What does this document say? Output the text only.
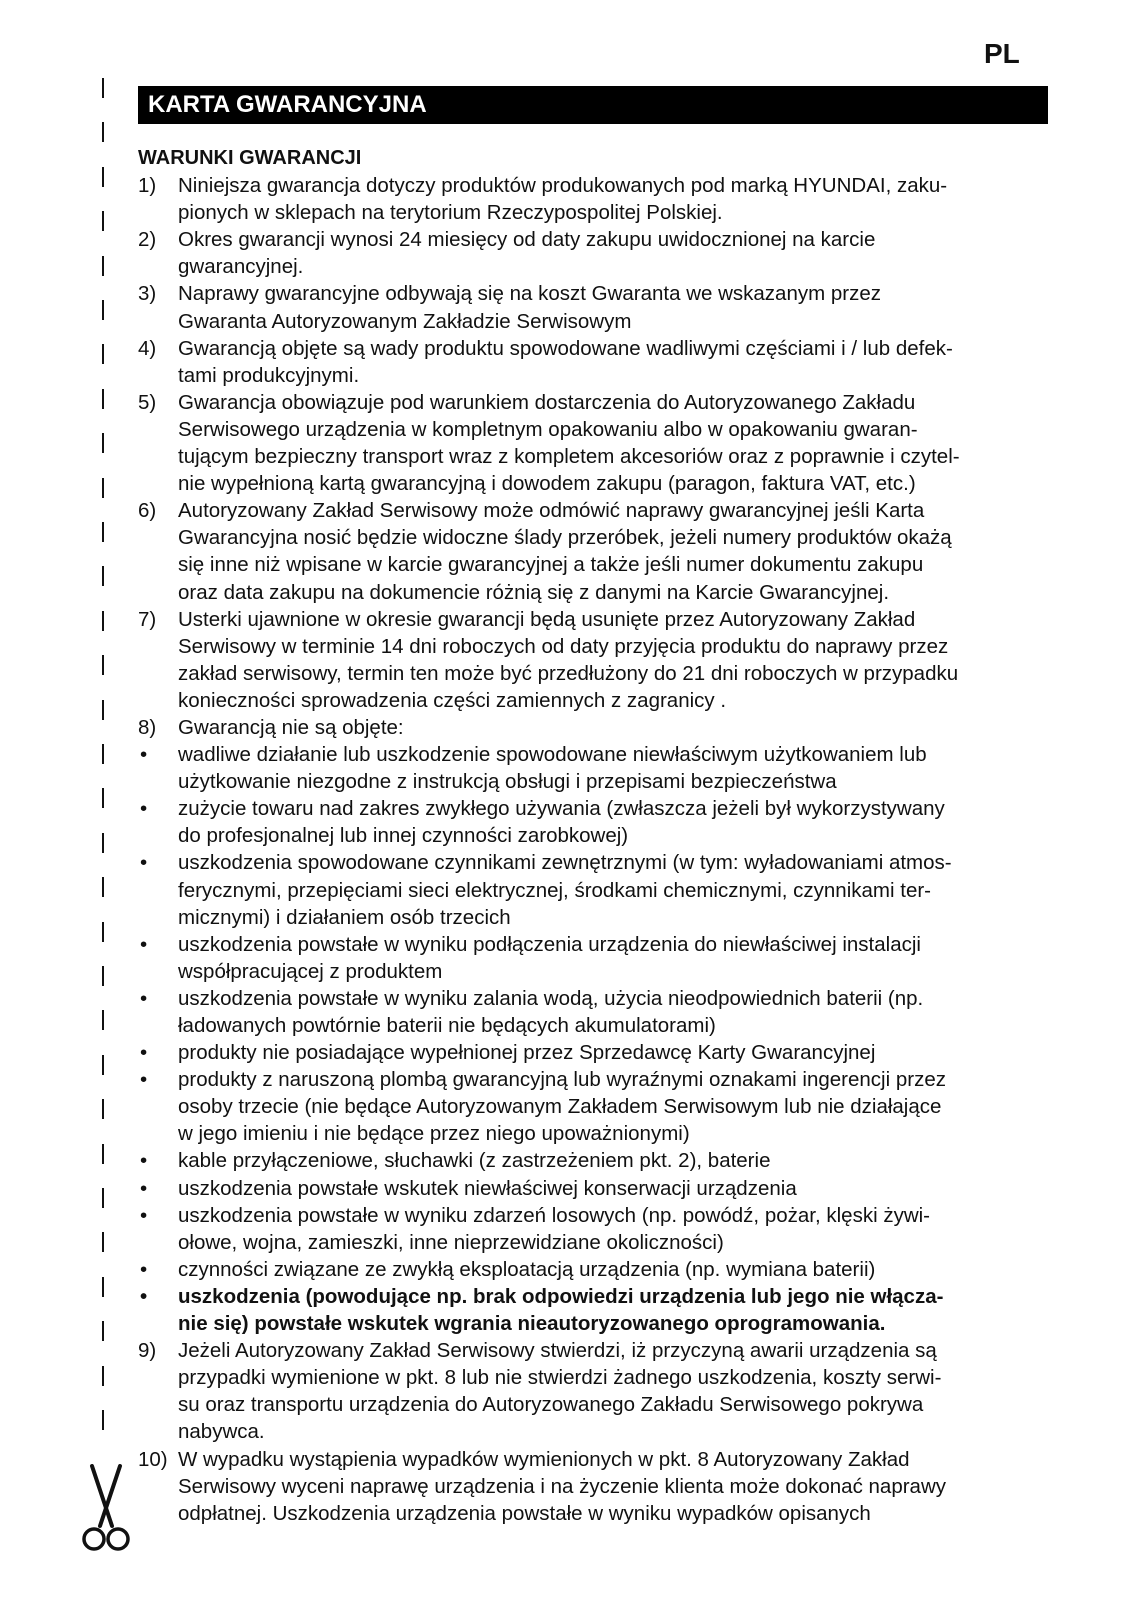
PL
KARTA GWARANCYJNA
WARUNKI GWARANCJI
1)	Niniejsza gwarancja dotyczy produktów produkowanych pod marką HYUNDAI, zaku-
pionych w sklepach na terytorium Rzeczypospolitej Polskiej.
2)	Okres gwarancji wynosi 24 miesięcy od daty zakupu uwidocznionej na karcie
gwarancyjnej.
3)	Naprawy gwarancyjne odbywają się na koszt Gwaranta we wskazanym przez
Gwaranta Autoryzowanym Zakładzie Serwisowym
4)	Gwarancją objęte są wady produktu spowodowane wadliwymi częściami i / lub defek-
tami produkcyjnymi.
5)	Gwarancja obowiązuje pod warunkiem dostarczenia do Autoryzowanego Zakładu
Serwisowego urządzenia w kompletnym opakowaniu albo w opakowaniu gwaran-
tującym bezpieczny transport wraz z kompletem akcesoriów oraz z poprawnie i czytel-
nie wypełnioną kartą gwarancyjną i dowodem zakupu (paragon, faktura VAT, etc.)
6)	Autoryzowany Zakład Serwisowy może odmówić naprawy gwarancyjnej jeśli Karta
Gwarancyjna nosić będzie widoczne ślady przeróbek, jeżeli numery produktów okażą
się inne niż wpisane w karcie gwarancyjnej a także jeśli numer dokumentu zakupu
oraz data zakupu na dokumencie różnią się z danymi na Karcie Gwarancyjnej.
7)	Usterki ujawnione w okresie gwarancji będą usunięte przez Autoryzowany Zakład
Serwisowy w terminie 14 dni roboczych od daty przyjęcia produktu do naprawy przez
zakład serwisowy, termin ten może być przedłużony do 21 dni roboczych w przypadku
konieczności sprowadzenia części zamiennych z zagranicy .
8)	Gwarancją nie są objęte:
•	wadliwe działanie lub uszkodzenie spowodowane niewłaściwym użytkowaniem lub
użytkowanie niezgodne z instrukcją obsługi i przepisami bezpieczeństwa
•	zużycie towaru nad zakres zwykłego używania (zwłaszcza jeżeli był wykorzystywany
do profesjonalnej lub innej czynności zarobkowej)
•	uszkodzenia spowodowane czynnikami zewnętrznymi (w tym: wyładowaniami atmos-
ferycznymi, przepięciami sieci elektrycznej, środkami chemicznymi, czynnikami ter-
micznymi) i działaniem osób trzecich
•	uszkodzenia powstałe w wyniku podłączenia urządzenia do niewłaściwej instalacji
współpracującej z produktem
•	uszkodzenia powstałe w wyniku zalania wodą, użycia nieodpowiednich baterii (np.
ładowanych powtórnie baterii nie będących akumulatorami)
•	produkty nie posiadające wypełnionej przez Sprzedawcę Karty Gwarancyjnej
•	produkty z naruszoną plombą gwarancyjną lub wyraźnymi oznakami ingerencji przez
osoby trzecie (nie będące Autoryzowanym Zakładem Serwisowym lub nie działające
w jego imieniu i nie będące przez niego upoważnionymi)
•	kable przyłączeniowe, słuchawki (z zastrzeżeniem pkt. 2), baterie
•	uszkodzenia powstałe wskutek niewłaściwej konserwacji urządzenia
•	uszkodzenia powstałe w wyniku zdarzeń losowych (np. powódź, pożar, klęski żywi-
ołowe, wojna, zamieszki, inne nieprzewidziane okoliczności)
•	czynności związane ze zwykłą eksploatacją urządzenia (np. wymiana baterii)
•	uszkodzenia (powodujące np. brak odpowiedzi urządzenia lub jego nie włącza-
nie się) powstałe wskutek wgrania nieautoryzowanego oprogramowania.
9)	Jeżeli Autoryzowany Zakład Serwisowy stwierdzi, iż przyczyną awarii urządzenia są
przypadki wymienione w pkt. 8 lub nie stwierdzi żadnego uszkodzenia, koszty serwi-
su oraz transportu urządzenia do Autoryzowanego Zakładu Serwisowego pokrywa
nabywca.
10) W wypadku wystąpienia wypadków wymienionych w pkt. 8 Autoryzowany Zakład
Serwisowy wyceni naprawę urządzenia i na życzenie klienta może dokonać naprawy
odpłatnej. Uszkodzenia urządzenia powstałe w wyniku wypadków opisanych
